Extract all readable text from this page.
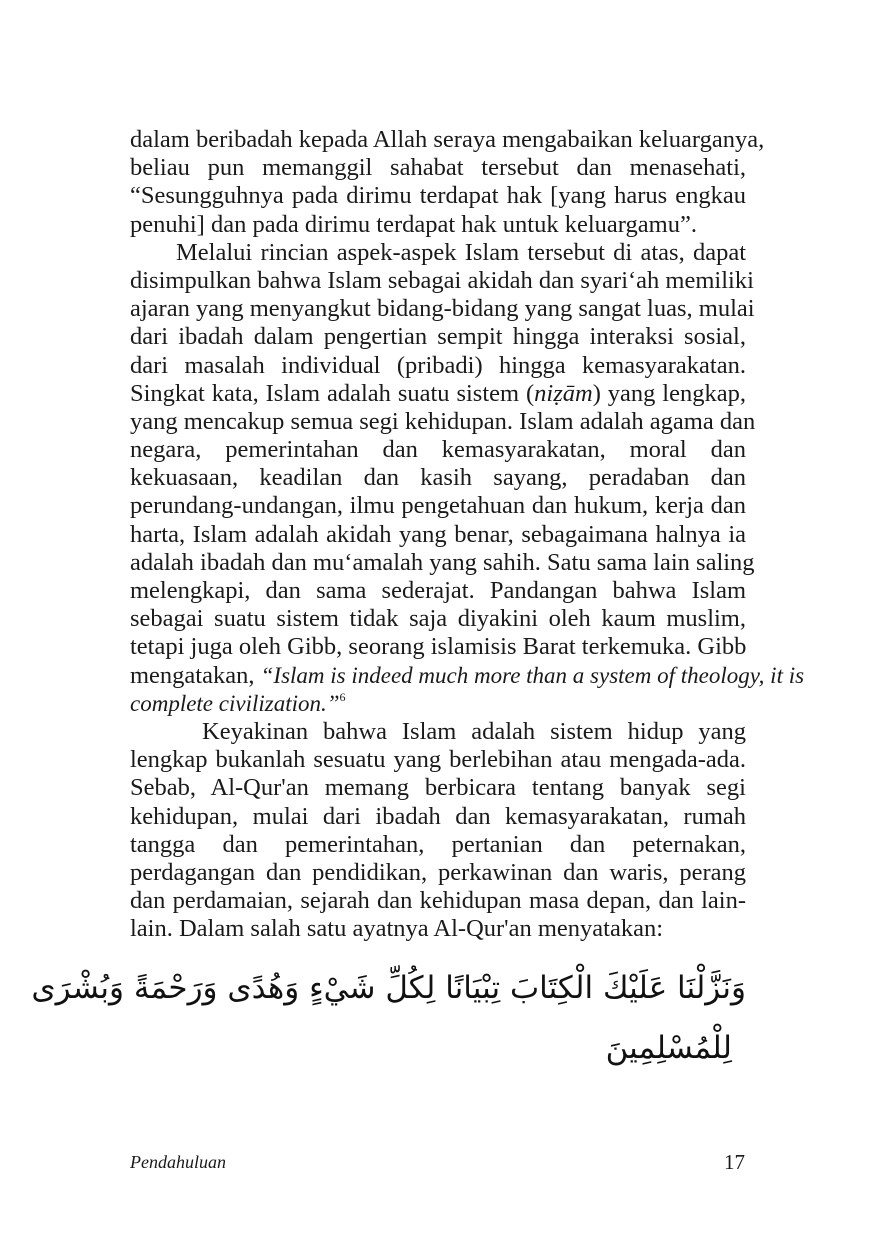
dalam beribadah kepada Allah seraya mengabaikan keluarganya,
beliau pun memanggil sahabat tersebut dan menasehati,
“Sesungguhnya pada dirimu terdapat hak [yang harus engkau
penuhi] dan pada dirimu terdapat hak untuk keluargamu”.
Melalui rincian aspek-aspek Islam tersebut di atas, dapat
disimpulkan bahwa Islam sebagai akidah dan syari‘ah memiliki
ajaran yang menyangkut bidang-bidang yang sangat luas, mulai
dari ibadah dalam pengertian sempit hingga interaksi sosial,
dari masalah individual (pribadi) hingga kemasyarakatan.
Singkat kata, Islam adalah suatu sistem (niẓām) yang lengkap,
yang mencakup semua segi kehidupan. Islam adalah agama dan
negara, pemerintahan dan kemasyarakatan, moral dan
kekuasaan, keadilan dan kasih sayang, peradaban dan
perundang-undangan, ilmu pengetahuan dan hukum, kerja dan
harta, Islam adalah akidah yang benar, sebagaimana halnya ia
adalah ibadah dan mu‘amalah yang sahih. Satu sama lain saling
melengkapi, dan sama sederajat. Pandangan bahwa Islam
sebagai suatu sistem tidak saja diyakini oleh kaum muslim,
tetapi juga oleh Gibb, seorang islamisis Barat terkemuka. Gibb
mengatakan, “Islam is indeed much more than a system of theology, it is
complete civilization.”$^6$
Keyakinan bahwa Islam adalah sistem hidup yang
lengkap bukanlah sesuatu yang berlebihan atau mengada-ada.
Sebab, Al-Qur'an memang berbicara tentang banyak segi
kehidupan, mulai dari ibadah dan kemasyarakatan, rumah
tangga dan pemerintahan, pertanian dan peternakan,
perdagangan dan pendidikan, perkawinan dan waris, perang
dan perdamaian, sejarah dan kehidupan masa depan, dan lain-
lain. Dalam salah satu ayatnya Al-Qur'an menyatakan:
وَنَزَّلْنَا عَلَيْكَ الْكِتَابَ تِبْيَانًا لِكُلِّ شَيْءٍ وَهُدًى وَرَحْمَةً وَبُشْرَى
لِلْمُسْلِمِينَ
Pendahuluan	17
